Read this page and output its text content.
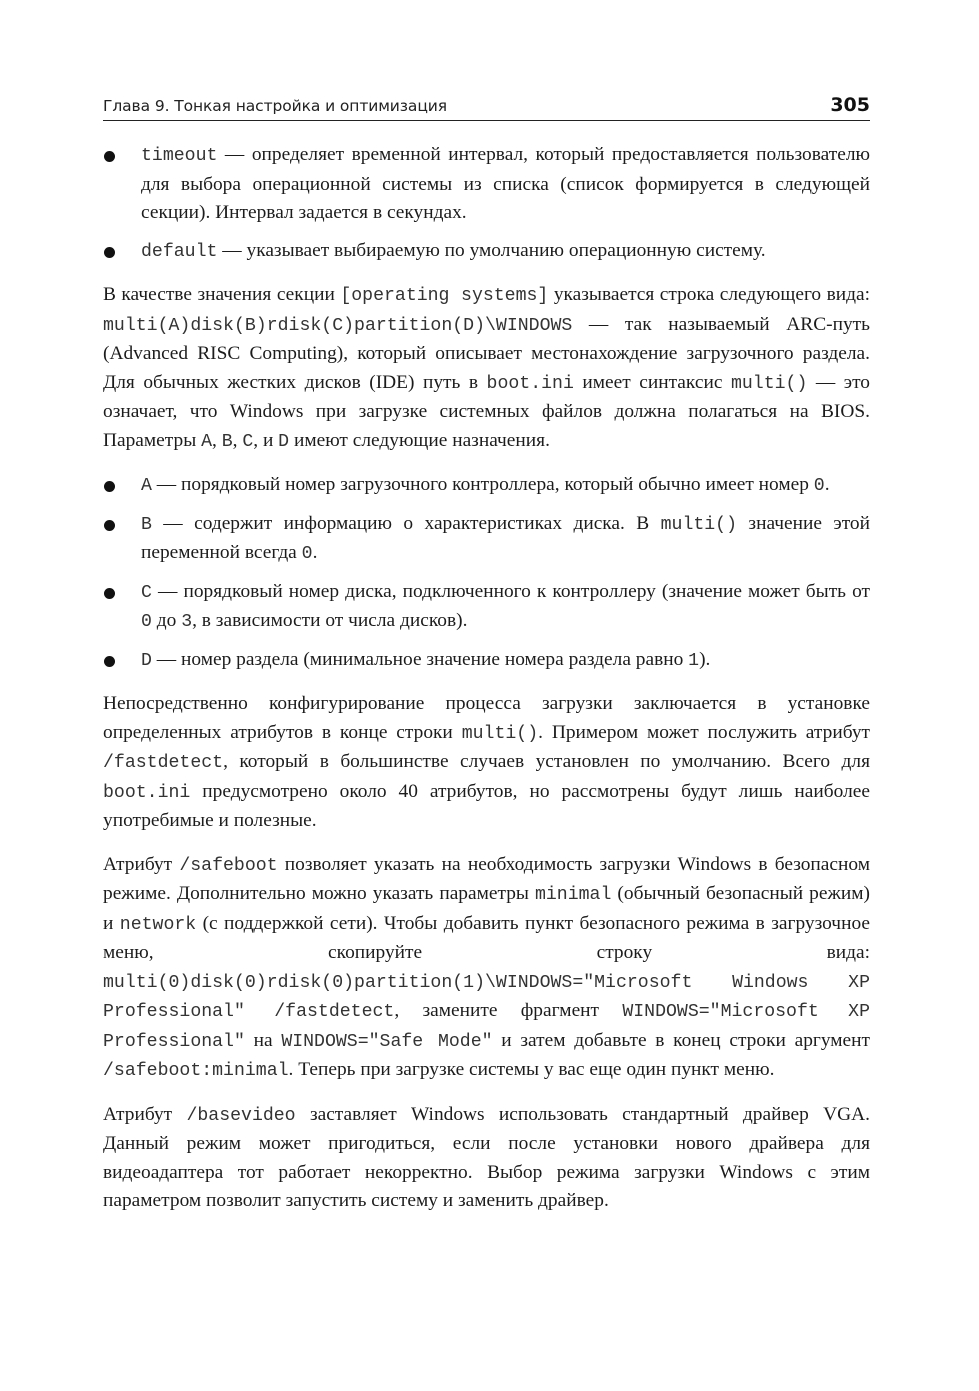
Глава 9. Тонкая настройка и оптимизация	305
timeout — определяет временной интервал, который предоставляется пользователю для выбора операционной системы из списка (список формируется в следующей секции). Интервал задается в секундах.
default — указывает выбираемую по умолчанию операционную систему.

В качестве значения секции [operating systems] указывается строка следующего вида: multi(A)disk(B)rdisk(C)partition(D)\WINDOWS — так называемый ARC-путь (Advanced RISC Computing), который описывает местонахождение загрузочного раздела. Для обычных жестких дисков (IDE) путь в boot.ini имеет синтаксис multi() — это означает, что Windows при загрузке системных файлов должна полагаться на BIOS. Параметры A, B, C, и D имеют следующие назначения.

A — порядковый номер загрузочного контроллера, который обычно имеет номер 0.
B — содержит информацию о характеристиках диска. В multi() значение этой переменной всегда 0.
C — порядковый номер диска, подключенного к контроллеру (значение может быть от 0 до 3, в зависимости от числа дисков).
D — номер раздела (минимальное значение номера раздела равно 1).

Непосредственно конфигурирование процесса загрузки заключается в установке определенных атрибутов в конце строки multi(). Примером может послужить атрибут /fastdetect, который в большинстве случаев установлен по умолчанию. Всего для boot.ini предусмотрено около 40 атрибутов, но рассмотрены будут лишь наиболее употребимые и полезные.

Атрибут /safeboot позволяет указать на необходимость загрузки Windows в безопасном режиме. Дополнительно можно указать параметры minimal (обычный безопасный режим) и network (с поддержкой сети). Чтобы добавить пункт безопасного режима в загрузочное меню, скопируйте строку вида: multi(0)disk(0)rdisk(0)partition(1)\WINDOWS="Microsoft Windows XP Professional" /fastdetect, замените фрагмент WINDOWS="Microsoft XP Professional" на WINDOWS="Safe Mode" и затем добавьте в конец строки аргумент /safeboot:minimal. Теперь при загрузке системы у вас еще один пункт меню.

Атрибут /basevideo заставляет Windows использовать стандартный драйвер VGA. Данный режим может пригодиться, если после установки нового драйвера для видеоадаптера тот работает некорректно. Выбор режима загрузки Windows с этим параметром позволит запустить систему и заменить драйвер.
